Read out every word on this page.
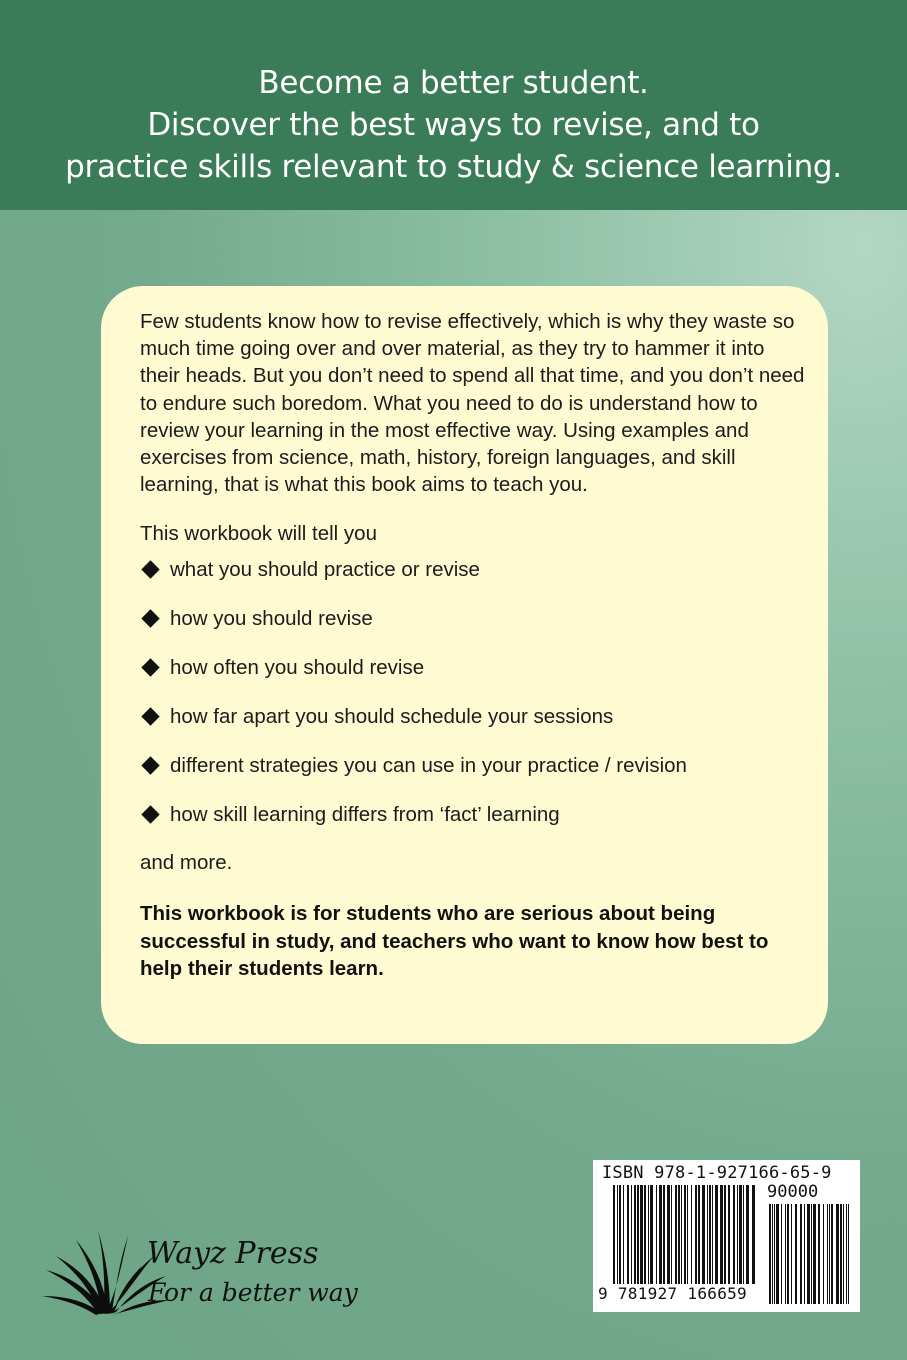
Become a better student.
Discover the best ways to revise, and to
practice skills relevant to study & science learning.

Few students know how to revise effectively, which is why they waste so much time going over and over material, as they try to hammer it into their heads. But you don’t need to spend all that time, and you don’t need to endure such boredom. What you need to do is understand how to review your learning in the most effective way. Using examples and exercises from science, math, history, foreign languages, and skill learning, that is what this book aims to teach you.

This workbook will tell you

what you should practice or revise
how you should revise
how often you should revise
how far apart you should schedule your sessions
different strategies you can use in your practice / revision
how skill learning differs from ‘fact’ learning

and more.

This workbook is for students who are serious about being successful in study, and teachers who want to know how best to help their students learn.

Wayz Press
For a better way
ISBN 978-1-927166-65-9
90000
9 781927 166659
